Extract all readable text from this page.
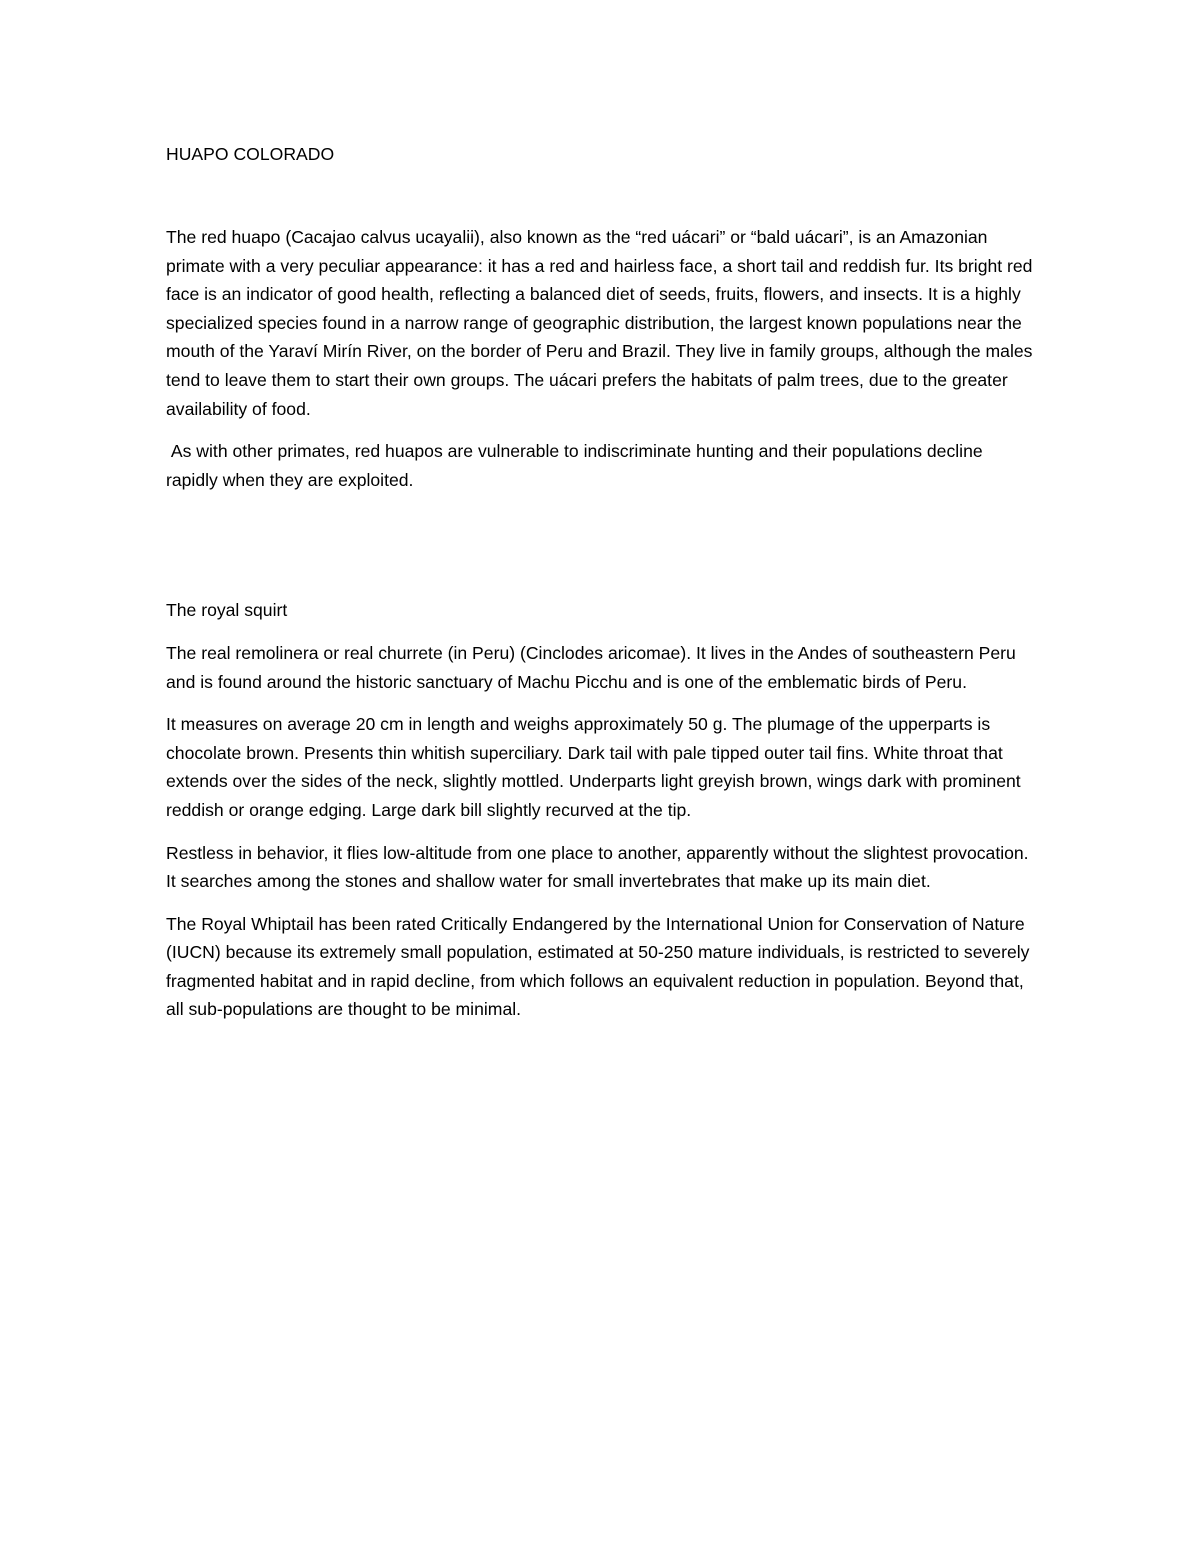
HUAPO COLORADO

The red huapo (Cacajao calvus ucayalii), also known as the “red uácari” or “bald uácari”, is an Amazonian primate with a very peculiar appearance: it has a red and hairless face, a short tail and reddish fur. Its bright red face is an indicator of good health, reflecting a balanced diet of seeds, fruits, flowers, and insects. It is a highly specialized species found in a narrow range of geographic distribution, the largest known populations near the mouth of the Yaraví Mirín River, on the border of Peru and Brazil. They live in family groups, although the males tend to leave them to start their own groups. The uácari prefers the habitats of palm trees, due to the greater availability of food.

As with other primates, red huapos are vulnerable to indiscriminate hunting and their populations decline rapidly when they are exploited.

The royal squirt

The real remolinera or real churrete (in Peru) (Cinclodes aricomae). It lives in the Andes of southeastern Peru and is found around the historic sanctuary of Machu Picchu and is one of the emblematic birds of Peru.

It measures on average 20 cm in length and weighs approximately 50 g. The plumage of the upperparts is chocolate brown. Presents thin whitish superciliary. Dark tail with pale tipped outer tail fins. White throat that extends over the sides of the neck, slightly mottled. Underparts light greyish brown, wings dark with prominent reddish or orange edging. Large dark bill slightly recurved at the tip.

Restless in behavior, it flies low-altitude from one place to another, apparently without the slightest provocation. It searches among the stones and shallow water for small invertebrates that make up its main diet.

The Royal Whiptail has been rated Critically Endangered by the International Union for Conservation of Nature (IUCN) because its extremely small population, estimated at 50-250 mature individuals, is restricted to severely fragmented habitat and in rapid decline, from which follows an equivalent reduction in population. Beyond that, all sub-populations are thought to be minimal.
